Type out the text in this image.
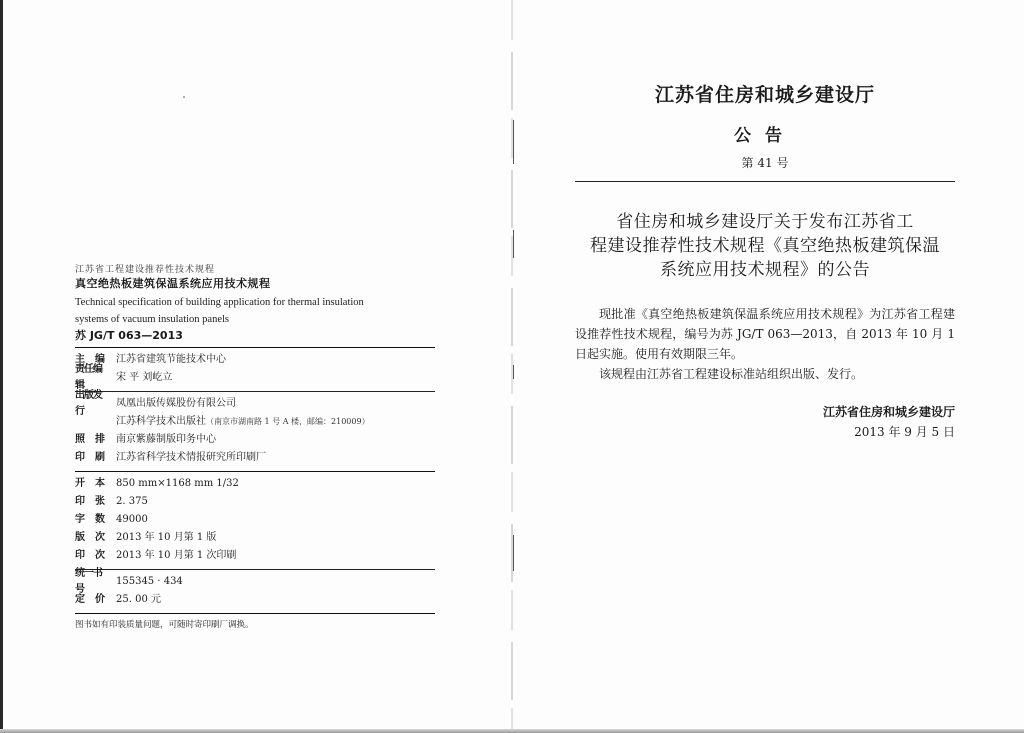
江苏省工程建设推荐性技术规程
真空绝热板建筑保温系统应用技术规程
Technical specification of building application for thermal insulation
systems of vacuum insulation panels
苏 JG/T 063—2013
主 编 江苏省建筑节能技术中心
责任编辑
宋 平 刘屹立
出版发行
凤凰出版传媒股份有限公司
江苏科学技术出版社（南京市湖南路 1 号 A 楼，邮编：210009）
照 排 南京紫藤制版印务中心
印 刷 江苏省科学技术情报研究所印刷厂
开 本 850 mm×1168 mm 1/32
印 张 2. 375
字 数 49000
版 次 2013 年 10 月第 1 版
印 次 2013 年 10 月第 1 次印刷
统一书号
155345 · 434
定 价 25. 00 元
图书如有印装质量问题，可随时寄印刷厂调换。
江苏省住房和城乡建设厅
公告
第 41 号
省住房和城乡建设厅关于发布江苏省工
程建设推荐性技术规程《真空绝热板建筑保温
系统应用技术规程》的公告

现批准《真空绝热板建筑保温系统应用技术规程》为江苏省工程建设推荐性技术规程，编号为苏 JG/T 063—2013，自 2013 年 10 月 1 日起实施。使用有效期限三年。

该规程由江苏省工程建设标准站组织出版、发行。

江苏省住房和城乡建设厅
2013 年 9 月 5 日
